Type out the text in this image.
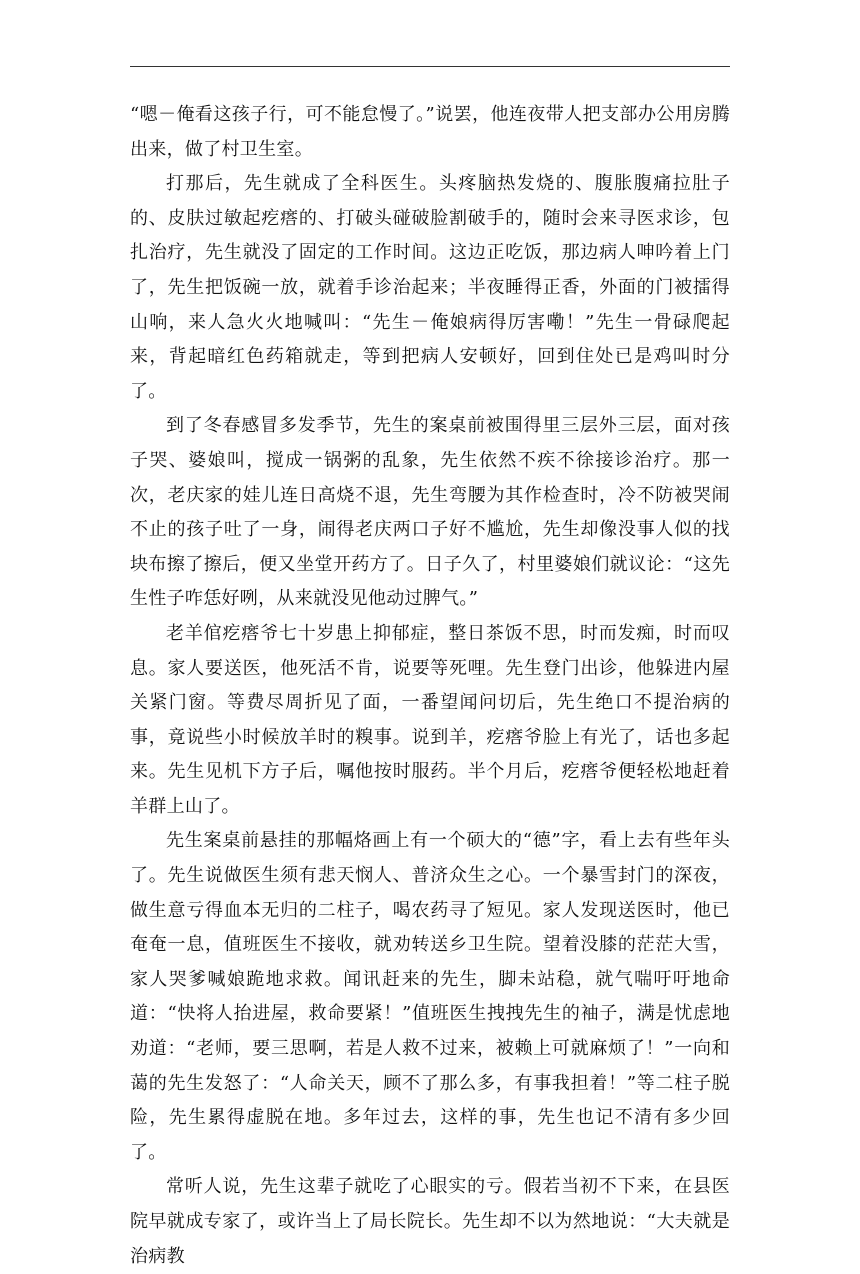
“嗯－俺看这孩子行，可不能怠慢了。”说罢，他连夜带人把支部办公用房腾出来，做了村卫生室。

打那后，先生就成了全科医生。头疼脑热发烧的、腹胀腹痛拉肚子的、皮肤过敏起疙瘩的、打破头碰破脸割破手的，随时会来寻医求诊，包扎治疗，先生就没了固定的工作时间。这边正吃饭，那边病人呻吟着上门了，先生把饭碗一放，就着手诊治起来；半夜睡得正香，外面的门被擂得山响，来人急火火地喊叫：“先生－俺娘病得厉害嘞！”先生一骨碌爬起来，背起暗红色药箱就走，等到把病人安顿好，回到住处已是鸡叫时分了。

到了冬春感冒多发季节，先生的案桌前被围得里三层外三层，面对孩子哭、婆娘叫，搅成一锅粥的乱象，先生依然不疾不徐接诊治疗。那一次，老庆家的娃儿连日高烧不退，先生弯腰为其作检查时，冷不防被哭闹不止的孩子吐了一身，闹得老庆两口子好不尴尬，先生却像没事人似的找块布擦了擦后，便又坐堂开药方了。日子久了，村里婆娘们就议论：“这先生性子咋恁好咧，从来就没见他动过脾气。”

老羊倌疙瘩爷七十岁患上抑郁症，整日茶饭不思，时而发痴，时而叹息。家人要送医，他死活不肯，说要等死哩。先生登门出诊，他躲进内屋关紧门窗。等费尽周折见了面，一番望闻问切后，先生绝口不提治病的事，竟说些小时候放羊时的糗事。说到羊，疙瘩爷脸上有光了，话也多起来。先生见机下方子后，嘱他按时服药。半个月后，疙瘩爷便轻松地赶着羊群上山了。

先生案桌前悬挂的那幅烙画上有一个硕大的“德”字，看上去有些年头了。先生说做医生须有悲天悯人、普济众生之心。一个暴雪封门的深夜，做生意亏得血本无归的二柱子，喝农药寻了短见。家人发现送医时，他已奄奄一息，值班医生不接收，就劝转送乡卫生院。望着没膝的茫茫大雪，家人哭爹喊娘跪地求救。闻讯赶来的先生，脚未站稳，就气喘吁吁地命道：“快将人抬进屋，救命要紧！”值班医生拽拽先生的袖子，满是忧虑地劝道：“老师，要三思啊，若是人救不过来，被赖上可就麻烦了！”一向和蔼的先生发怒了：“人命关天，顾不了那么多，有事我担着！”等二柱子脱险，先生累得虚脱在地。多年过去，这样的事，先生也记不清有多少回了。

常听人说，先生这辈子就吃了心眼实的亏。假若当初不下来，在县医院早就成专家了，或许当上了局长院长。先生却不以为然地说：“大夫就是治病教
